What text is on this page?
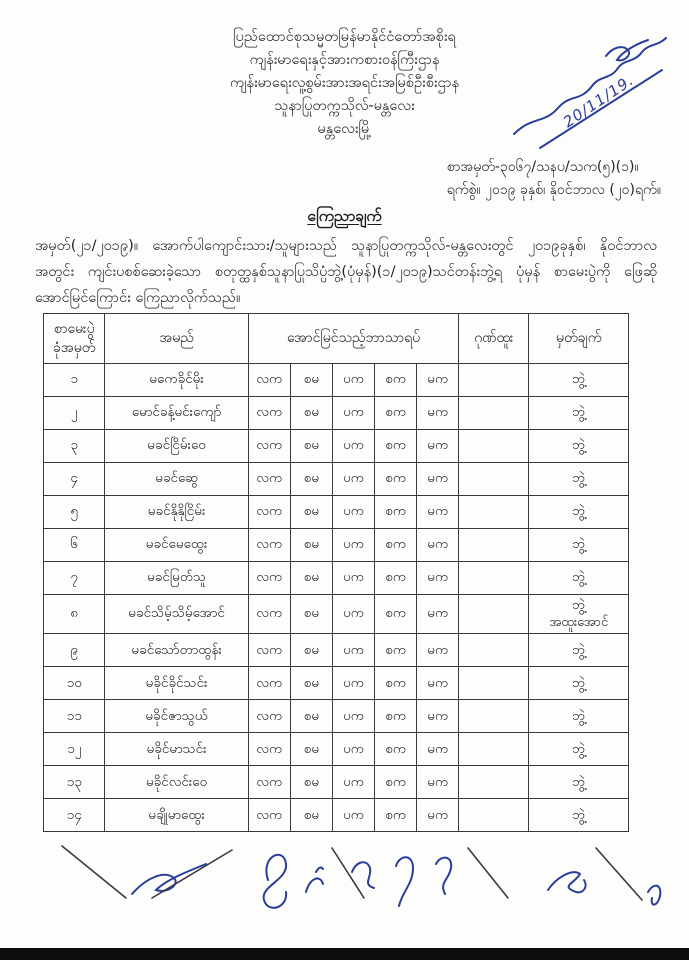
ပြည်ထောင်စုသမ္မတမြန်မာနိုင်ငံတော်အစိုးရ

ကျန်းမာရေးနှင့်အားကစားဝန်ကြီးဌာန

ကျန်းမာရေးလူ့စွမ်းအားအရင်းအမြစ်ဦးစီးဌာန

သူနာပြုတက္ကသိုလ်-မန္တလေး

မန္တလေးမြို့	20/11/19.

စာအမှတ်-၃၀၆၇/သနပ/သက(၅)(၁)။

ရက်စွဲ။ ၂၀၁၉ ခုနှစ်၊ နိုဝင်ဘာလ (၂၀)ရက်။

ကြေညာချက်

အမှတ်(၂၁/၂၀၁၉)။ အောက်ပါကျောင်းသား/သူများသည် သူနာပြုတက္ကသိုလ်-မန္တလေးတွင် ၂၀၁၉ခုနှစ်၊ နိုဝင်ဘာလအတွင်း ကျင်းပစစ်ဆေးခဲ့သော စတုတ္ထနှစ်သူနာပြုသိပ္ပံဘွဲ့(ပုံမှန်)(၁/၂၀၁၉)သင်တန်းဘွဲ့ရ ပုံမှန် စာမေးပွဲကို ဖြေဆိုအောင်မြင်ကြောင်း ကြေညာလိုက်သည်။

စာမေးပွဲ
ခုံအမှတ်	အမည်	အောင်မြင်သည့်ဘာသာရပ်					ဂုဏ်ထူး	မှတ်ချက်
၁	မကေခိုင်မိုး	လက	စမ	ပက	စက	မက		ဘွဲ့

၂	မောင်ခန့်မင်းကျော်	လက	စမ	ပက	စက	မက		ဘွဲ့

၃	မခင်ငြိမ်းဝေ	လက	စမ	ပက	စက	မက		ဘွဲ့

၄	မခင်ဆွေ	လက	စမ	ပက	စက	မက		ဘွဲ့

၅	မခင်နိုနိုငြိမ်း	လက	စမ	ပက	စက	မက		ဘွဲ့

၆	မခင်မေထွေး	လက	စမ	ပက	စက	မက		ဘွဲ့

၇	မခင်မြတ်သူ	လက	စမ	ပက	စက	မက		ဘွဲ့

၈	မခင်သိမ့်သိမ့်အောင်	လက	စမ	ပက	စက	မက		ဘွဲ့
အထူးအောင်

၉	မခင်သော်တာထွန်း	လက	စမ	ပက	စက	မက		ဘွဲ့

၁၀	မခိုင်ခိုင်သင်း	လက	စမ	ပက	စက	မက		ဘွဲ့

၁၁	မခိုင်ဇာသွယ်	လက	စမ	ပက	စက	မက		ဘွဲ့

၁၂	မခိုင်မာသင်း	လက	စမ	ပက	စက	မက		ဘွဲ့

၁၃	မခိုင်လင်းဝေ	လက	စမ	ပက	စက	မက		ဘွဲ့

၁၄	မချိုမာထွေး	လက	စမ	ပက	စက	မက		ဘွဲ့
